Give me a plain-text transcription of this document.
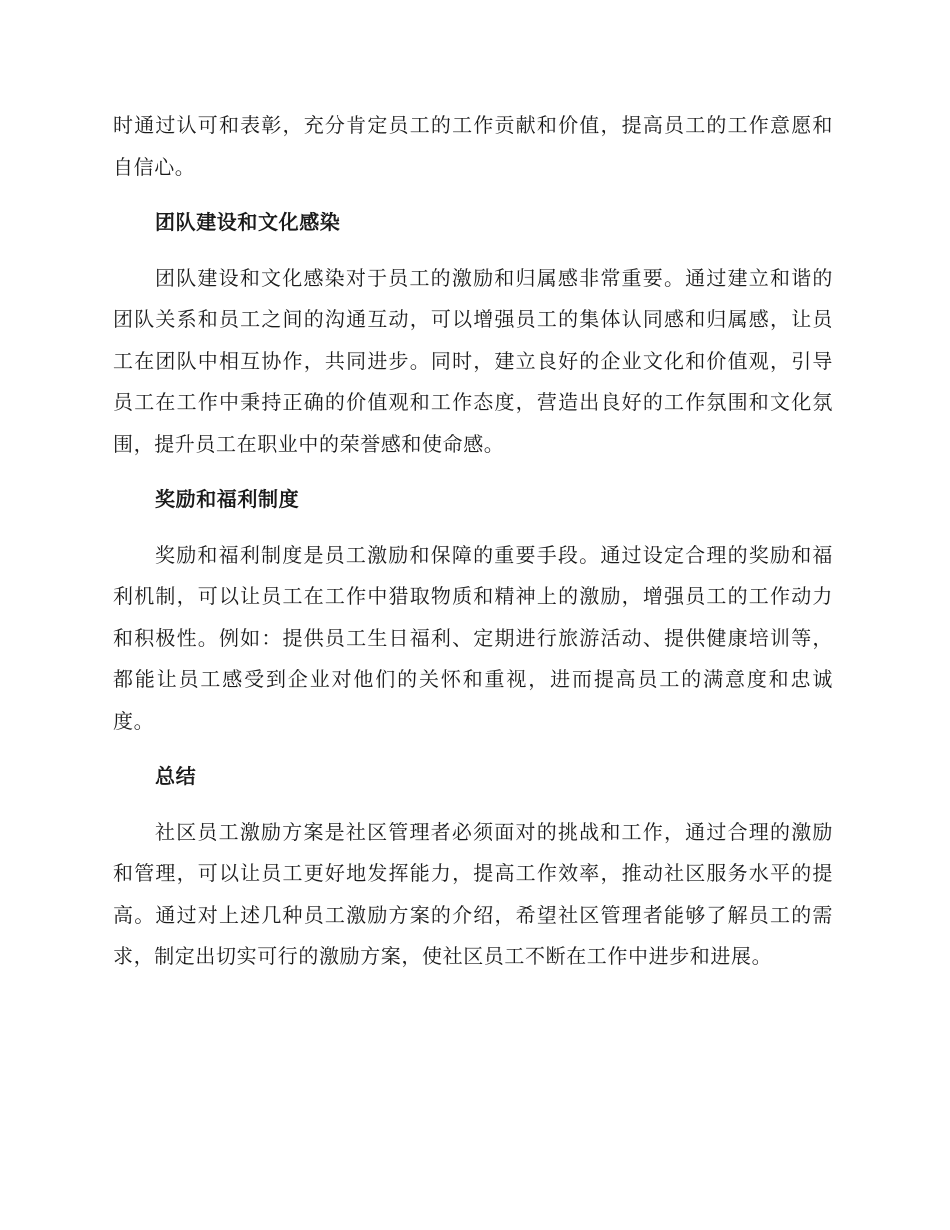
时通过认可和表彰，充分肯定员工的工作贡献和价值，提高员工的工作意愿和自信心。

团队建设和文化感染

团队建设和文化感染对于员工的激励和归属感非常重要。通过建立和谐的团队关系和员工之间的沟通互动，可以增强员工的集体认同感和归属感，让员工在团队中相互协作，共同进步。同时，建立良好的企业文化和价值观，引导员工在工作中秉持正确的价值观和工作态度，营造出良好的工作氛围和文化氛围，提升员工在职业中的荣誉感和使命感。

奖励和福利制度

奖励和福利制度是员工激励和保障的重要手段。通过设定合理的奖励和福利机制，可以让员工在工作中猎取物质和精神上的激励，增强员工的工作动力和积极性。例如：提供员工生日福利、定期进行旅游活动、提供健康培训等，都能让员工感受到企业对他们的关怀和重视，进而提高员工的满意度和忠诚度。

总结

社区员工激励方案是社区管理者必须面对的挑战和工作，通过合理的激励和管理，可以让员工更好地发挥能力，提高工作效率，推动社区服务水平的提高。通过对上述几种员工激励方案的介绍，希望社区管理者能够了解员工的需求，制定出切实可行的激励方案，使社区员工不断在工作中进步和进展。
